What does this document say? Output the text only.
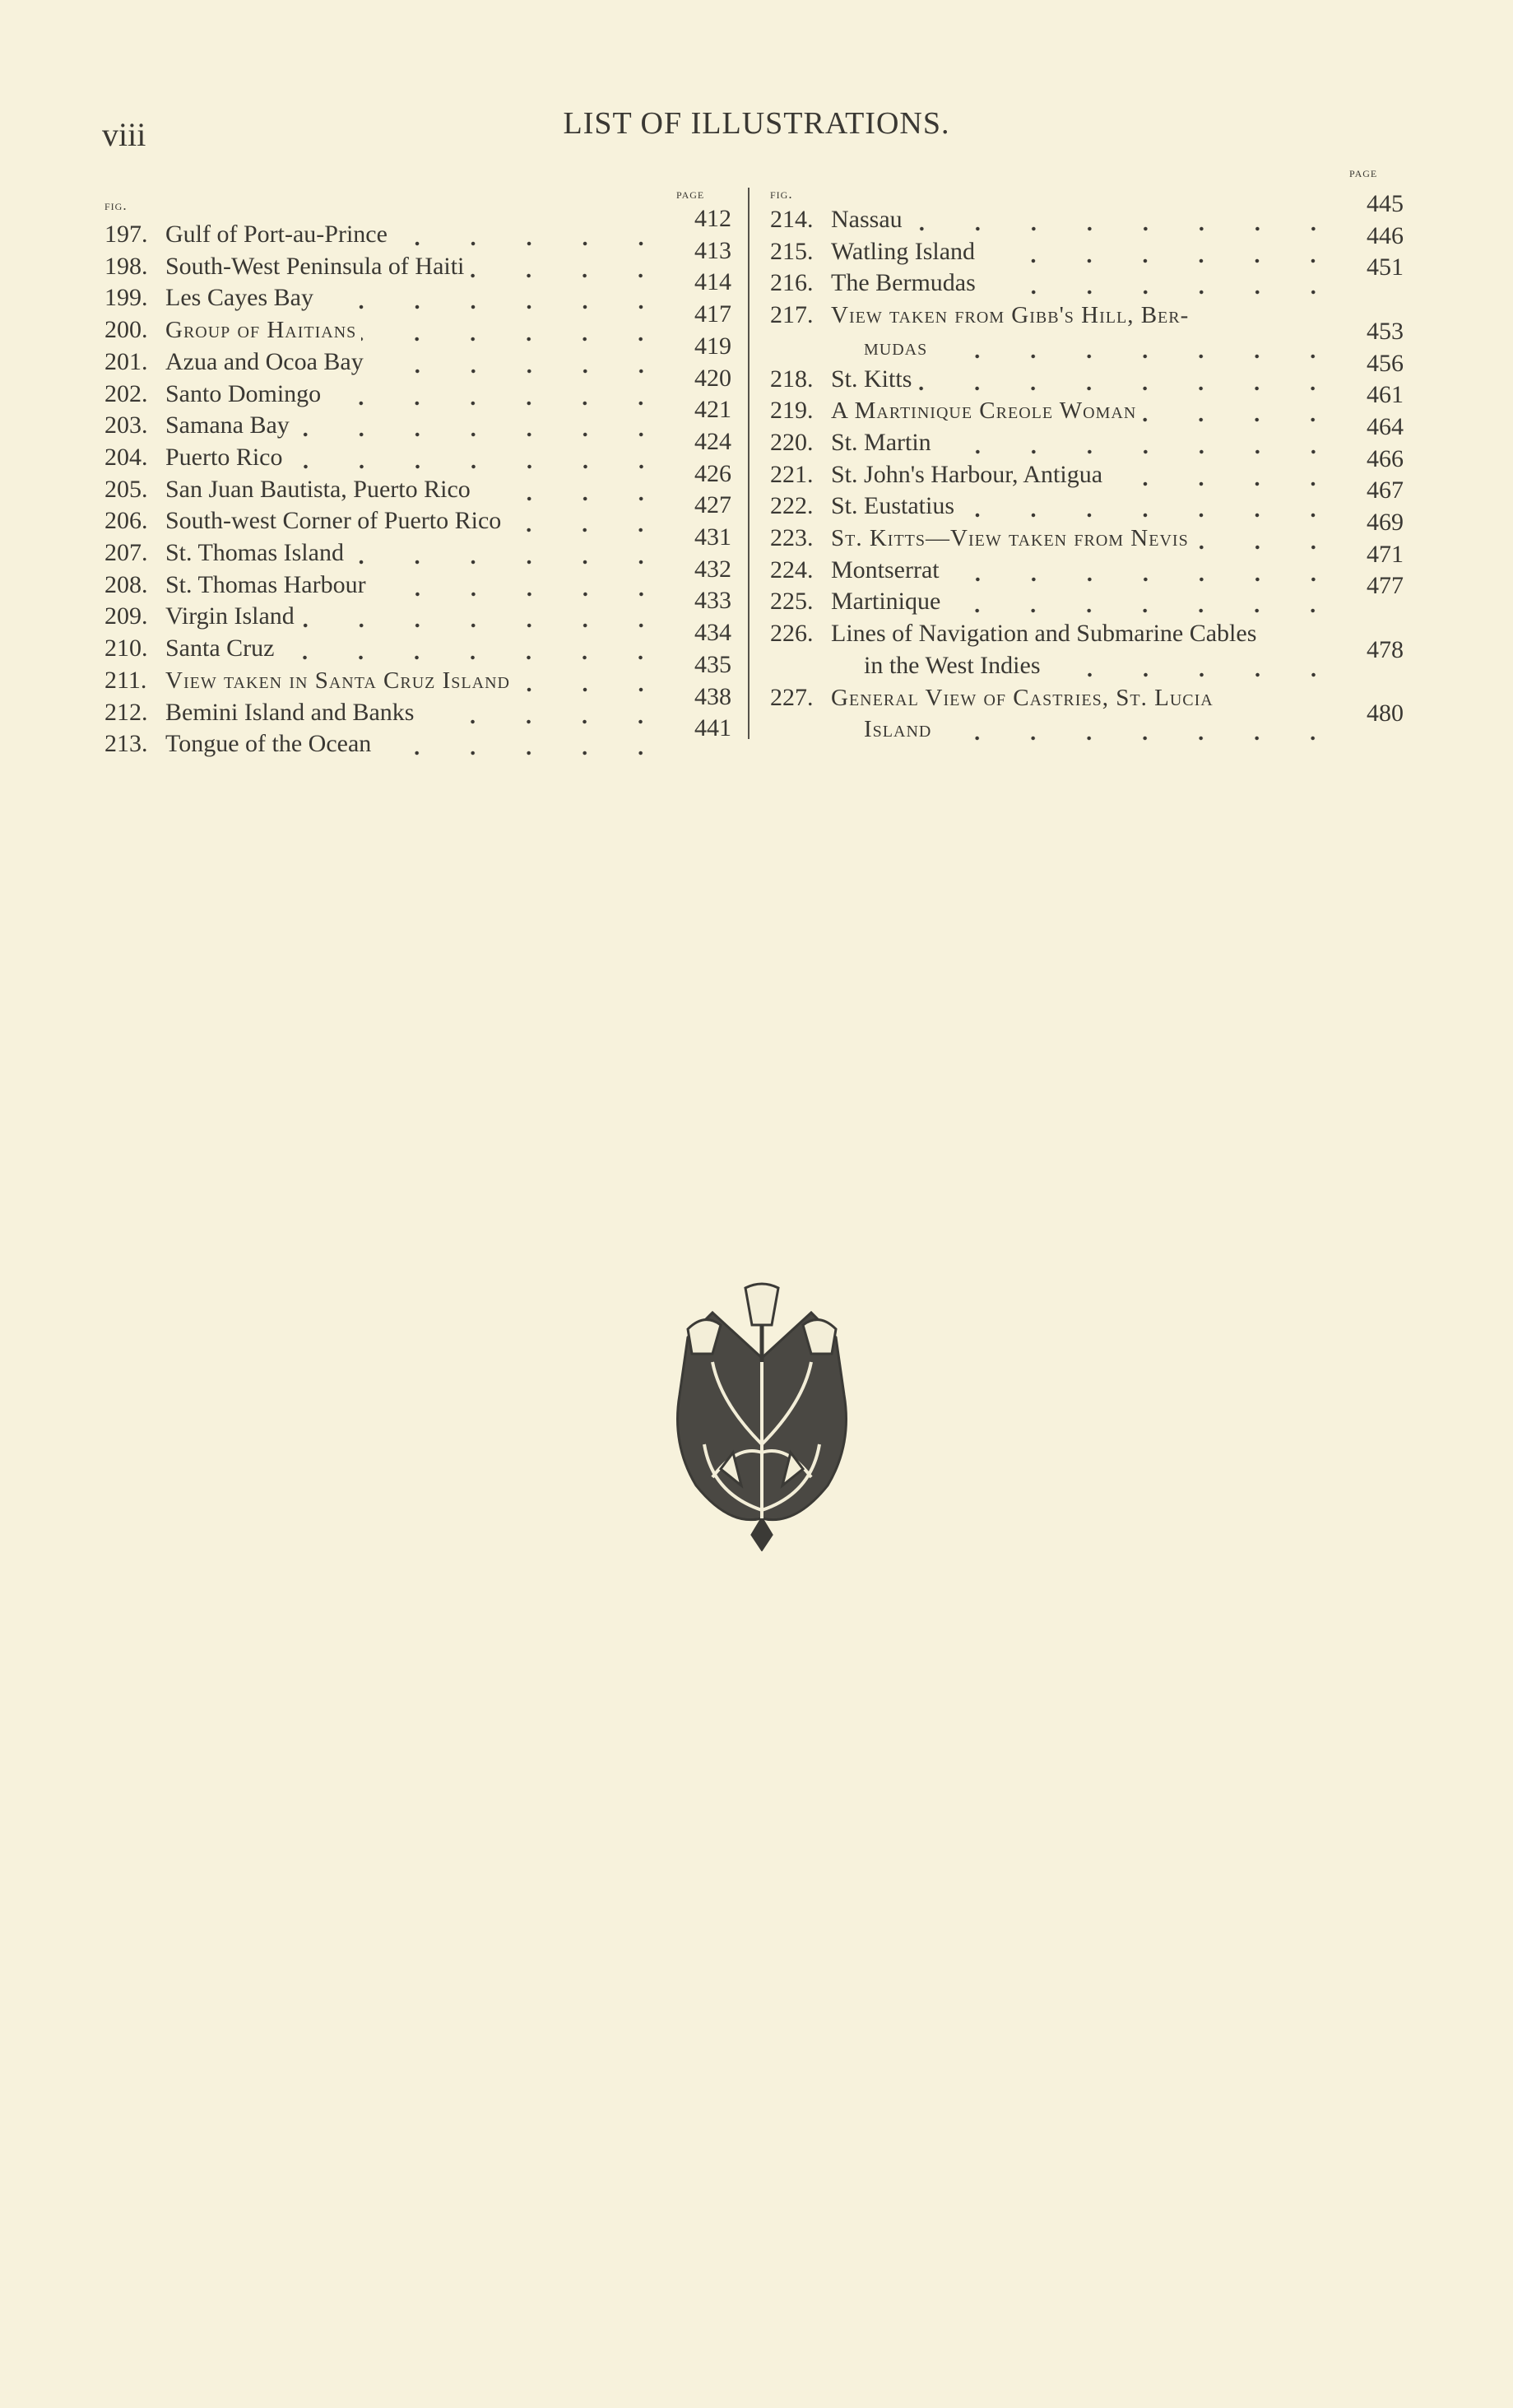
viii	LIST OF ILLUSTRATIONS.
fig.
page	fig.
page
197. Gulf of Port-au-Prince
412
198. South-West Peninsula of Haiti
413
199. Les Cayes Bay
414
200. Group of Haitians
417
201. Azua and Ocoa Bay
419
202. Santo Domingo
420
203. Samana Bay
421
204. Puerto Rico
424
205. San Juan Bautista, Puerto Rico
426
206. South-west Corner of Puerto Rico
427
207. St. Thomas Island
431
208. St. Thomas Harbour
432
209. Virgin Island
433
210. Santa Cruz
434
211. View taken in Santa Cruz Island
435
212. Bemini Island and Banks
438
213. Tongue of the Ocean
441
214. Nassau
445
215. Watling Island
446
216. The Bermudas
451
217. View taken from Gibb's Hill, Ber-
mudas
453
218. St. Kitts
456
219. A Martinique Creole Woman
461
220. St. Martin
464
221. St. John's Harbour, Antigua
466
222. St. Eustatius
467
223. St. Kitts—View taken from Nevis
469
224. Montserrat
471
225. Martinique
477
226. Lines of Navigation and Submarine Cables
in the West Indies
478
227. General View of Castries, St. Lucia
Island
480
